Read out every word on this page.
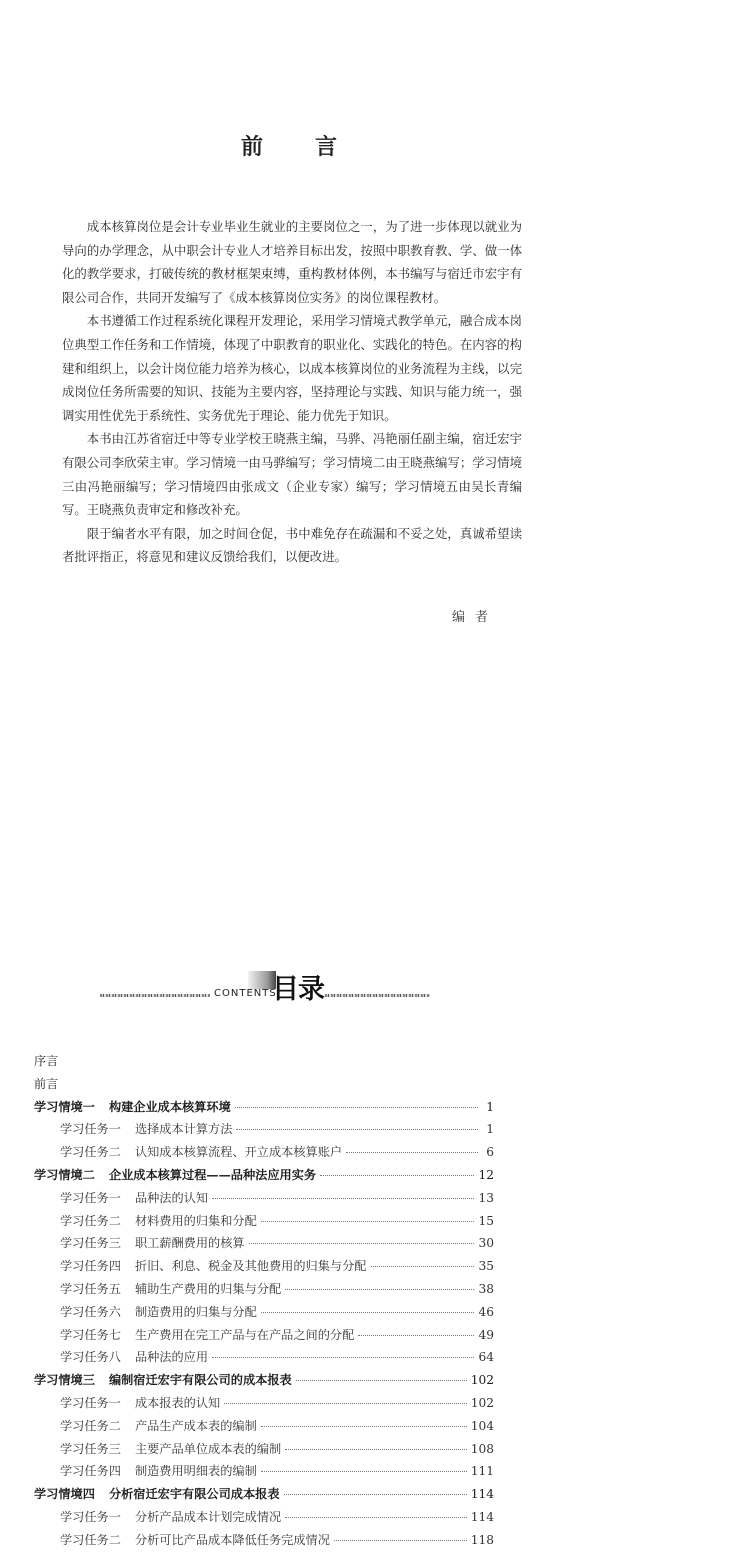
前 言

成本核算岗位是会计专业毕业生就业的主要岗位之一，为了进一步体现以就业为导向的办学理念，从中职会计专业人才培养目标出发，按照中职教育教、学、做一体化的教学要求，打破传统的教材框架束缚，重构教材体例，本书编写与宿迁市宏宇有限公司合作，共同开发编写了《成本核算岗位实务》的岗位课程教材。

本书遵循工作过程系统化课程开发理论，采用学习情境式教学单元，融合成本岗位典型工作任务和工作情境，体现了中职教育的职业化、实践化的特色。在内容的构建和组织上，以会计岗位能力培养为核心，以成本核算岗位的业务流程为主线，以完成岗位任务所需要的知识、技能为主要内容，坚持理论与实践、知识与能力统一，强调实用性优先于系统性、实务优先于理论、能力优先于知识。

本书由江苏省宿迁中等专业学校王晓燕主编，马骅、冯艳丽任副主编，宿迁宏宇有限公司李欣荣主审。学习情境一由马骅编写；学习情境二由王晓燕编写；学习情境三由冯艳丽编写；学习情境四由张成文（企业专家）编写；学习情境五由吴长青编写。王晓燕负责审定和修改补充。

限于编者水平有限，加之时间仓促，书中难免存在疏漏和不妥之处，真诚希望读者批评指正，将意见和建议反馈给我们，以便改进。

编者
CONTENTS
目录
序言
前言
学习情境一 构建企业成本核算环境	1
学习任务一 选择成本计算方法	1
学习任务二 认知成本核算流程、开立成本核算账户	6
学习情境二 企业成本核算过程——品种法应用实务	12
学习任务一 品种法的认知	13
学习任务二 材料费用的归集和分配	15
学习任务三 职工薪酬费用的核算	30
学习任务四 折旧、利息、税金及其他费用的归集与分配	35
学习任务五 辅助生产费用的归集与分配	38
学习任务六 制造费用的归集与分配	46
学习任务七 生产费用在完工产品与在产品之间的分配	49
学习任务八 品种法的应用	64
学习情境三 编制宿迁宏宇有限公司的成本报表	102
学习任务一 成本报表的认知	102
学习任务二 产品生产成本表的编制	104
学习任务三 主要产品单位成本表的编制	108
学习任务四 制造费用明细表的编制	111
学习情境四 分析宿迁宏宇有限公司成本报表	114
学习任务一 分析产品成本计划完成情况	114
学习任务二 分析可比产品成本降低任务完成情况	118
